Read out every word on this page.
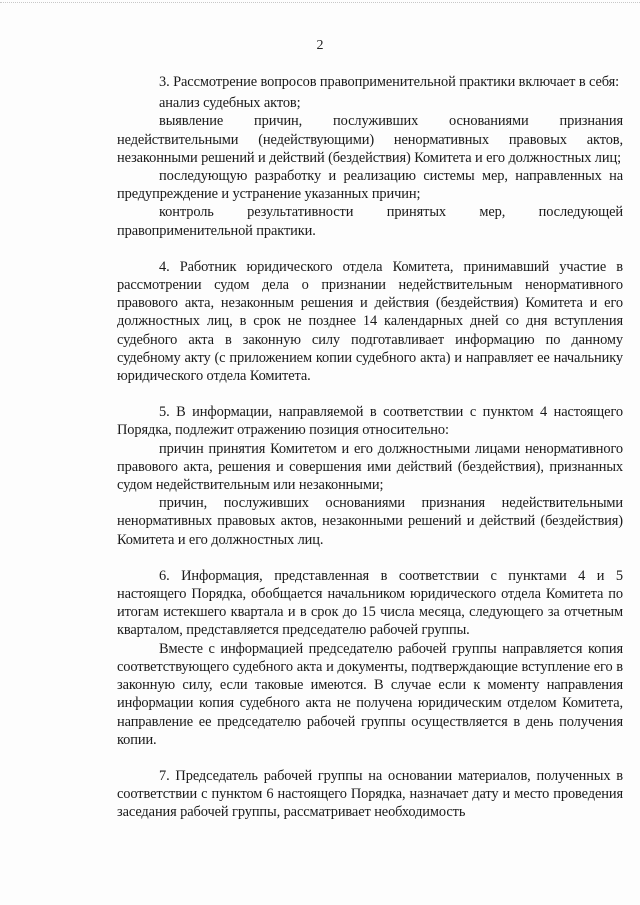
2

3. Рассмотрение вопросов правоприменительной практики включает в себя:

анализ судебных актов;

выявление причин, послуживших основаниями признания недействительными (недействующими) ненормативных правовых актов, незаконными решений и действий (бездействия) Комитета и его должностных лиц;

последующую разработку и реализацию системы мер, направленных на предупреждение и устранение указанных причин;

контроль результативности принятых мер, последующей правоприменительной практики.

4. Работник юридического отдела Комитета, принимавший участие в рассмотрении судом дела о признании недействительным ненормативного правового акта, незаконным решения и действия (бездействия) Комитета и его должностных лиц, в срок не позднее 14 календарных дней со дня вступления судебного акта в законную силу подготавливает информацию по данному судебному акту (с приложением копии судебного акта) и направляет ее начальнику юридического отдела Комитета.

5. В информации, направляемой в соответствии с пунктом 4 настоящего Порядка, подлежит отражению позиция относительно:

причин принятия Комитетом и его должностными лицами ненормативного правового акта, решения и совершения ими действий (бездействия), признанных судом недействительным или незаконными;

причин, послуживших основаниями признания недействительными ненормативных правовых актов, незаконными решений и действий (бездействия) Комитета и его должностных лиц.

6. Информация, представленная в соответствии с пунктами 4 и 5 настоящего Порядка, обобщается начальником юридического отдела Комитета по итогам истекшего квартала и в срок до 15 числа месяца, следующего за отчетным кварталом, представляется председателю рабочей группы.

Вместе с информацией председателю рабочей группы направляется копия соответствующего судебного акта и документы, подтверждающие вступление его в законную силу, если таковые имеются. В случае если к моменту направления информации копия судебного акта не получена юридическим отделом Комитета, направление ее председателю рабочей группы осуществляется в день получения копии.

7. Председатель рабочей группы на основании материалов, полученных в соответствии с пунктом 6 настоящего Порядка, назначает дату и место проведения заседания рабочей группы, рассматривает необходимость
